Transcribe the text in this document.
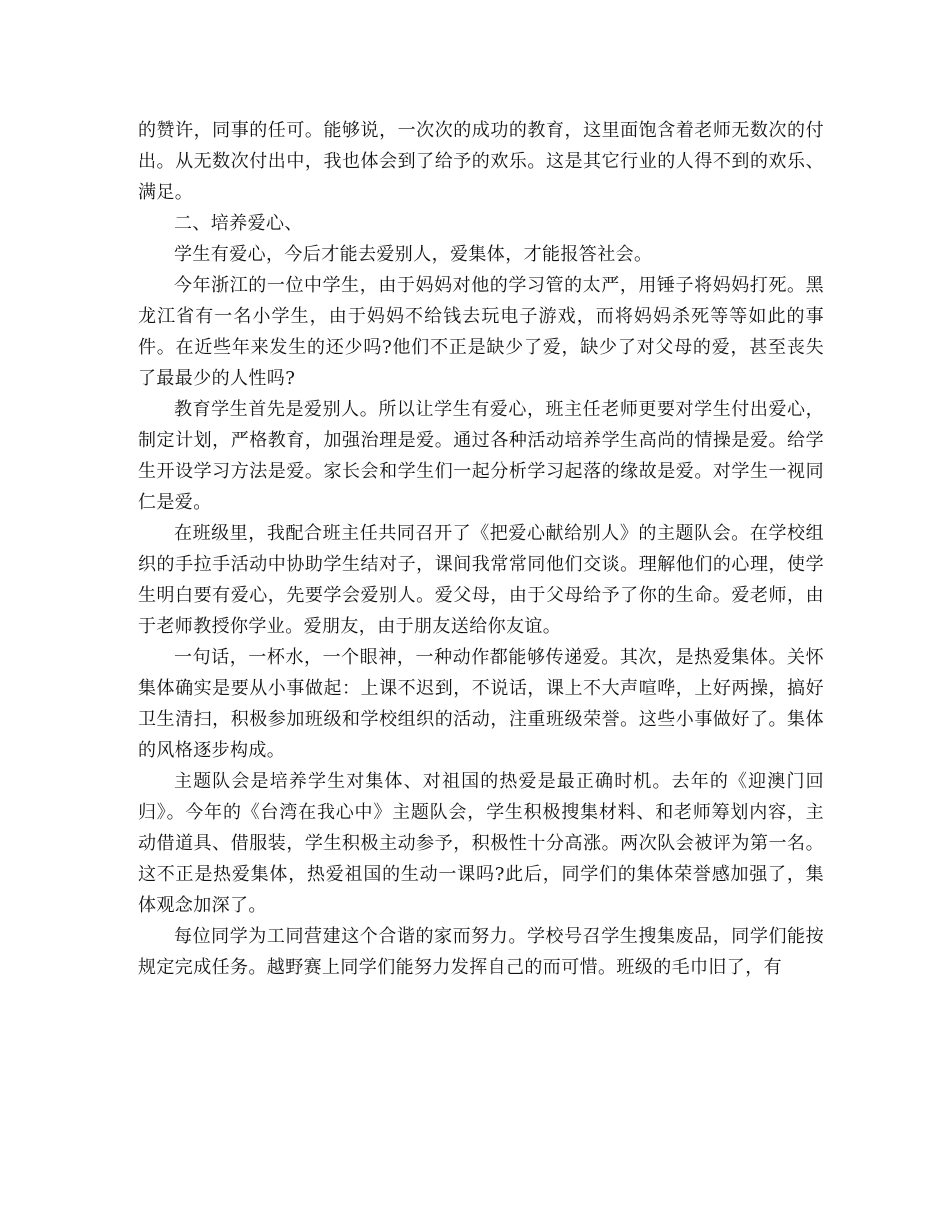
的赞许，同事的任可。能够说，一次次的成功的教育，这里面饱含着老师无数次的付出。从无数次付出中，我也体会到了给予的欢乐。这是其它行业的人得不到的欢乐、满足。

二、培养爱心、

学生有爱心，今后才能去爱别人，爱集体，才能报答社会。

今年浙江的一位中学生，由于妈妈对他的学习管的太严，用锤子将妈妈打死。黑龙江省有一名小学生，由于妈妈不给钱去玩电子游戏，而将妈妈杀死等等如此的事件。在近些年来发生的还少吗?他们不正是缺少了爱，缺少了对父母的爱，甚至丧失了最最少的人性吗?

教育学生首先是爱别人。所以让学生有爱心，班主任老师更要对学生付出爱心，制定计划，严格教育，加强治理是爱。通过各种活动培养学生高尚的情操是爱。给学生开设学习方法是爱。家长会和学生们一起分析学习起落的缘故是爱。对学生一视同仁是爱。

在班级里，我配合班主任共同召开了《把爱心献给别人》的主题队会。在学校组织的手拉手活动中协助学生结对子，课间我常常同他们交谈。理解他们的心理，使学生明白要有爱心，先要学会爱别人。爱父母，由于父母给予了你的生命。爱老师，由于老师教授你学业。爱朋友，由于朋友送给你友谊。

一句话，一杯水，一个眼神，一种动作都能够传递爱。其次，是热爱集体。关怀集体确实是要从小事做起：上课不迟到，不说话，课上不大声喧哗，上好两操，搞好卫生清扫，积极参加班级和学校组织的活动，注重班级荣誉。这些小事做好了。集体的风格逐步构成。

主题队会是培养学生对集体、对祖国的热爱是最正确时机。去年的《迎澳门回归》。今年的《台湾在我心中》主题队会，学生积极搜集材料、和老师筹划内容，主动借道具、借服装，学生积极主动参予，积极性十分高涨。两次队会被评为第一名。这不正是热爱集体，热爱祖国的生动一课吗?此后，同学们的集体荣誉感加强了，集体观念加深了。

每位同学为工同营建这个合谐的家而努力。学校号召学生搜集废品，同学们能按规定完成任务。越野赛上同学们能努力发挥自己的而可惜。班级的毛巾旧了，有
